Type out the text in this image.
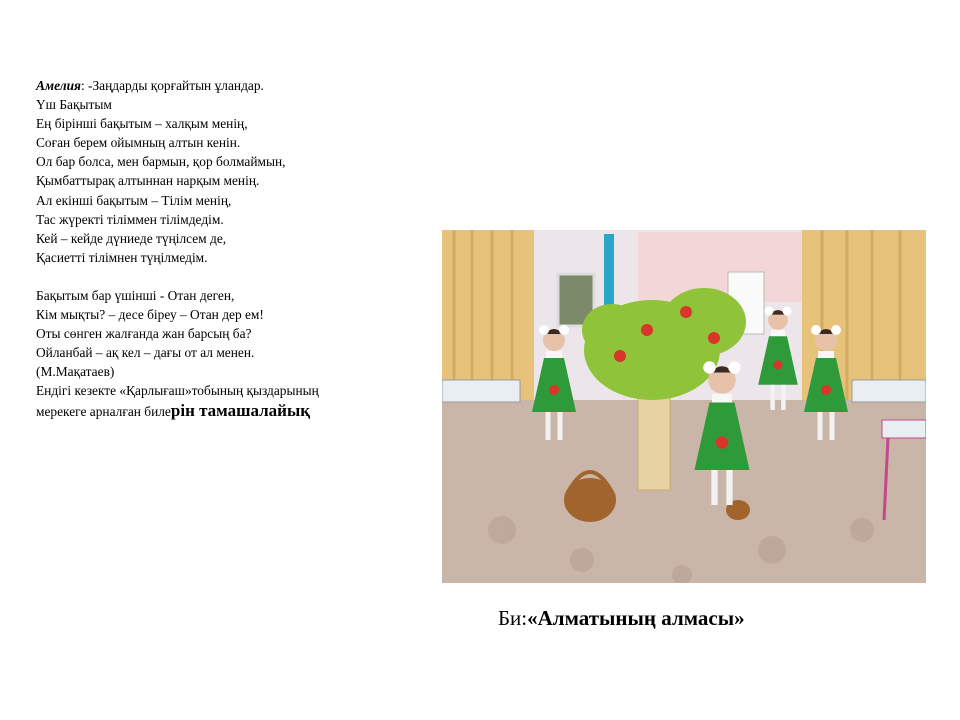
Амелия: -Заңдарды қорғайтын ұландар.
Үш Бақытым
Ең бірінші бақытым – халқым менің,
Соған берем ойымның алтын кенін.
Ол бар болса, мен бармын, қор болмаймын,
Қымбаттырақ алтыннан нарқым менің.
Ал екінші бақытым – Тілім менің,
Тас жүректі тіліммен тілімдедім.
Кей – кейде дүниеде түңілсем де,
Қасиетті тілімнен түңілмедім.
Бақытым бар үшінші - Отан деген,
Кім мықты? – десе біреу – Отан дер ем!
Оты сөнген жалғанда жан барсың ба?
Ойланбай – ақ кел – дағы от ал менен.
(М.Мақатаев)
Ендігі кезекте «Қарлығаш»тобының қыздарының
мерекеге арналған билерін тамашалайық
Би:«Алматының алмасы»
